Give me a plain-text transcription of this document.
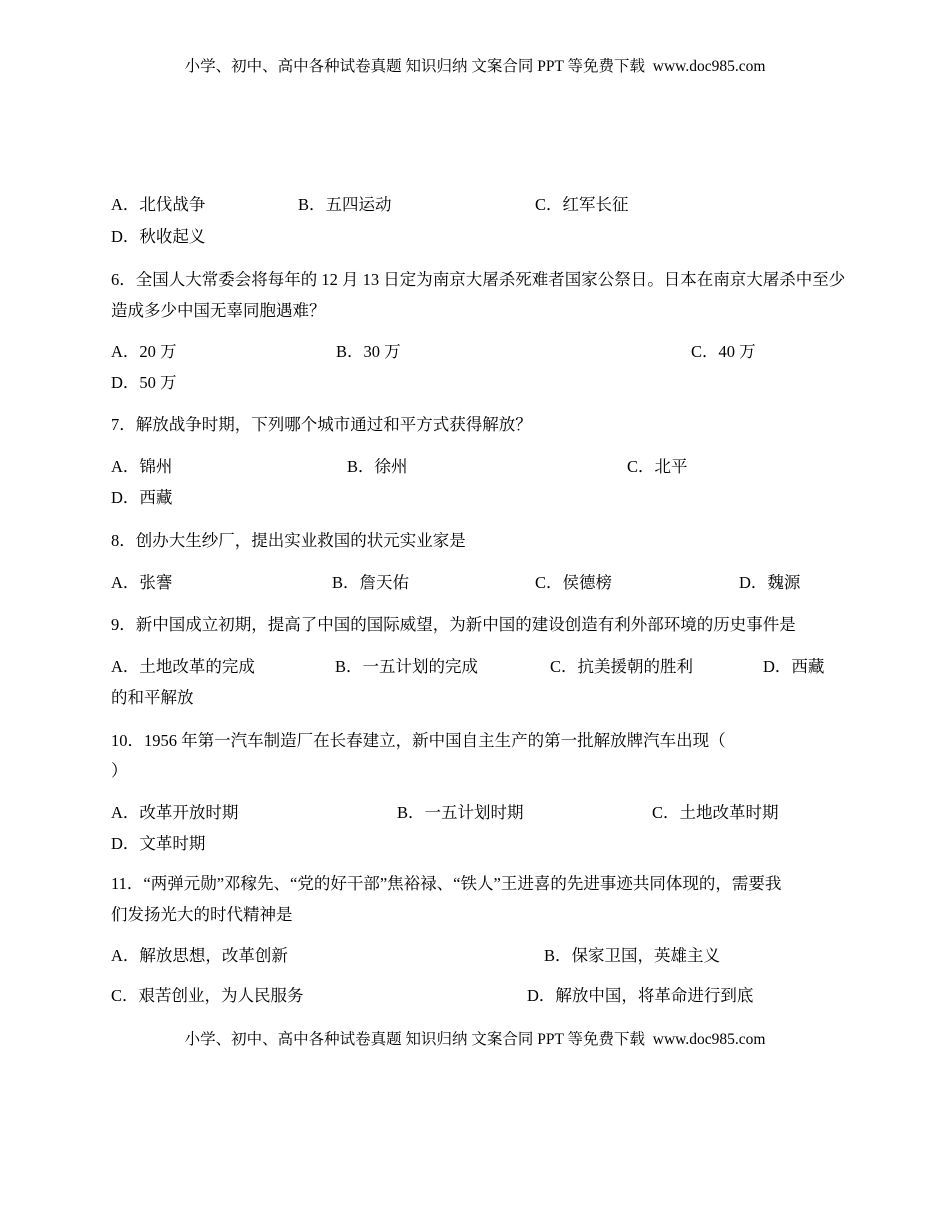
小学、初中、高中各种试卷真题 知识归纳 文案合同 PPT 等免费下载  www.doc985.com
A．北伐战争	B．五四运动	C．红军长征
D．秋收起义
6．全国人大常委会将每年的 12 月 13 日定为南京大屠杀死难者国家公祭日。日本在南京大屠杀中至少
造成多少中国无辜同胞遇难？
A．20 万	B．30 万	C．40 万
D．50 万
7．解放战争时期，下列哪个城市通过和平方式获得解放？
A．锦州	B．徐州	C．北平
D．西藏
8．创办大生纱厂，提出实业救国的状元实业家是
A．张謇	B．詹天佑	C．侯德榜	D．魏源
9．新中国成立初期，提高了中国的国际威望，为新中国的建设创造有利外部环境的历史事件是
A．土地改革的完成	B．一五计划的完成	C．抗美援朝的胜利	D．西藏
的和平解放
10．1956 年第一汽车制造厂在长春建立，新中国自主生产的第一批解放牌汽车出现（
）
A．改革开放时期	B．一五计划时期	C．土地改革时期
D．文革时期
11．“两弹元勋”邓稼先、“党的好干部”焦裕禄、“铁人”王进喜的先进事迹共同体现的，需要我
们发扬光大的时代精神是
A．解放思想，改革创新	B．保家卫国，英雄主义
C．艰苦创业，为人民服务	D．解放中国，将革命进行到底
小学、初中、高中各种试卷真题 知识归纳 文案合同 PPT 等免费下载  www.doc985.com
